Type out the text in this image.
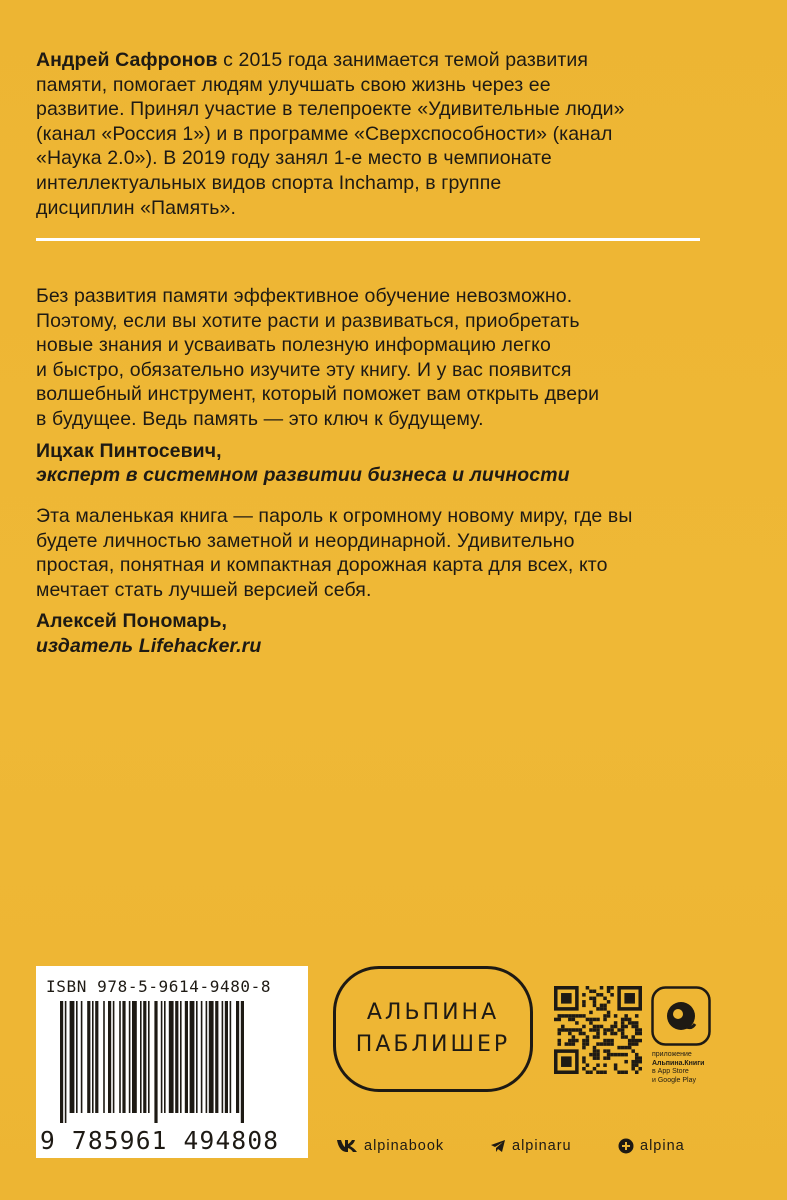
Андрей Сафронов с 2015 года занимается темой развития
памяти, помогает людям улучшать свою жизнь через ее
развитие. Принял участие в телепроекте «Удивительные люди»
(канал «Россия 1») и в программе «Сверхспособности» (канал
«Наука 2.0»). В 2019 году занял 1-е место в чемпионате
интеллектуальных видов спорта Inchamp, в группе
дисциплин «Память».
Без развития памяти эффективное обучение невозможно.
Поэтому, если вы хотите расти и развиваться, приобретать
новые знания и усваивать полезную информацию легко
и быстро, обязательно изучите эту книгу. И у вас появится
волшебный инструмент, который поможет вам открыть двери
в будущее. Ведь память — это ключ к будущему.
Ицхак Пинтосевич,
эксперт в системном развитии бизнеса и личности
Эта маленькая книга — пароль к огромному новому миру, где вы
будете личностью заметной и неординарной. Удивительно
простая, понятная и компактная дорожная карта для всех, кто
мечтает стать лучшей версией себя.
Алексей Пономарь,
издатель Lifehacker.ru
ISBN 978-5-9614-9480-8
9 785961 494808
АЛЬПИНА
ПАБЛИШЕР	приложение
Альпина.Книги
в App Store
и Google Play
alpinabook	alpinaru	alpina
